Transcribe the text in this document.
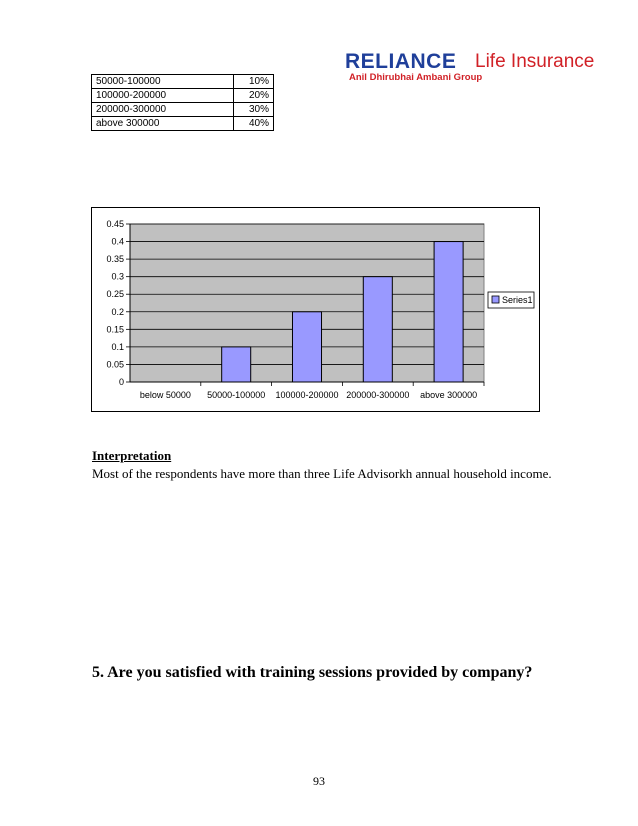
RELIANCE Life Insurance
Anil Dhirubhai Ambani Group
50000-100000	10%
100000-200000	20%
200000-300000	30%
above 300000	40%
0
0.05
0.1
0.15
0.2
0.25
0.3
0.35
0.4
0.45
below 50000 50000-100000 100000-200000 200000-300000 above 300000
Series1
Interpretation
Most of the respondents have more than three Life Advisorkh annual household income.
5. Are you satisfied with training sessions provided by company?
93
